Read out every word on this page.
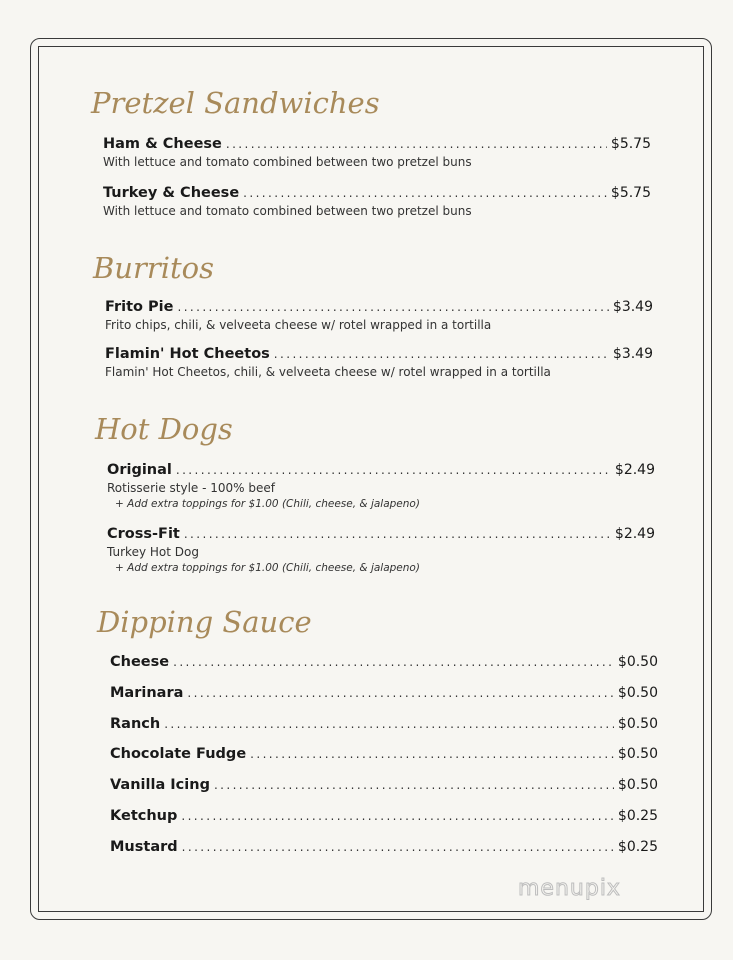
Pretzel Sandwiches
Ham & Cheese .....	$5.75
With lettuce and tomato combined between two pretzel buns
Turkey & Cheese .....	$5.75
With lettuce and tomato combined between two pretzel buns
Burritos
Frito Pie .....	$3.49
Frito chips, chili, & velveeta cheese w/ rotel wrapped in a tortilla
Flamin' Hot Cheetos .....	$3.49
Flamin' Hot Cheetos, chili, & velveeta cheese w/ rotel wrapped in a tortilla
Hot Dogs
Original .....	$2.49
Rotisserie style - 100% beef
+ Add extra toppings for $1.00 (Chili, cheese, & jalapeno)
Cross-Fit .....	$2.49
Turkey Hot Dog
+ Add extra toppings for $1.00 (Chili, cheese, & jalapeno)
Dipping Sauce
Cheese .....	$0.50
Marinara .....	$0.50
Ranch .....	$0.50
Chocolate Fudge .....	$0.50
Vanilla Icing .....	$0.50
Ketchup .....	$0.25
Mustard .....	$0.25
menupix
